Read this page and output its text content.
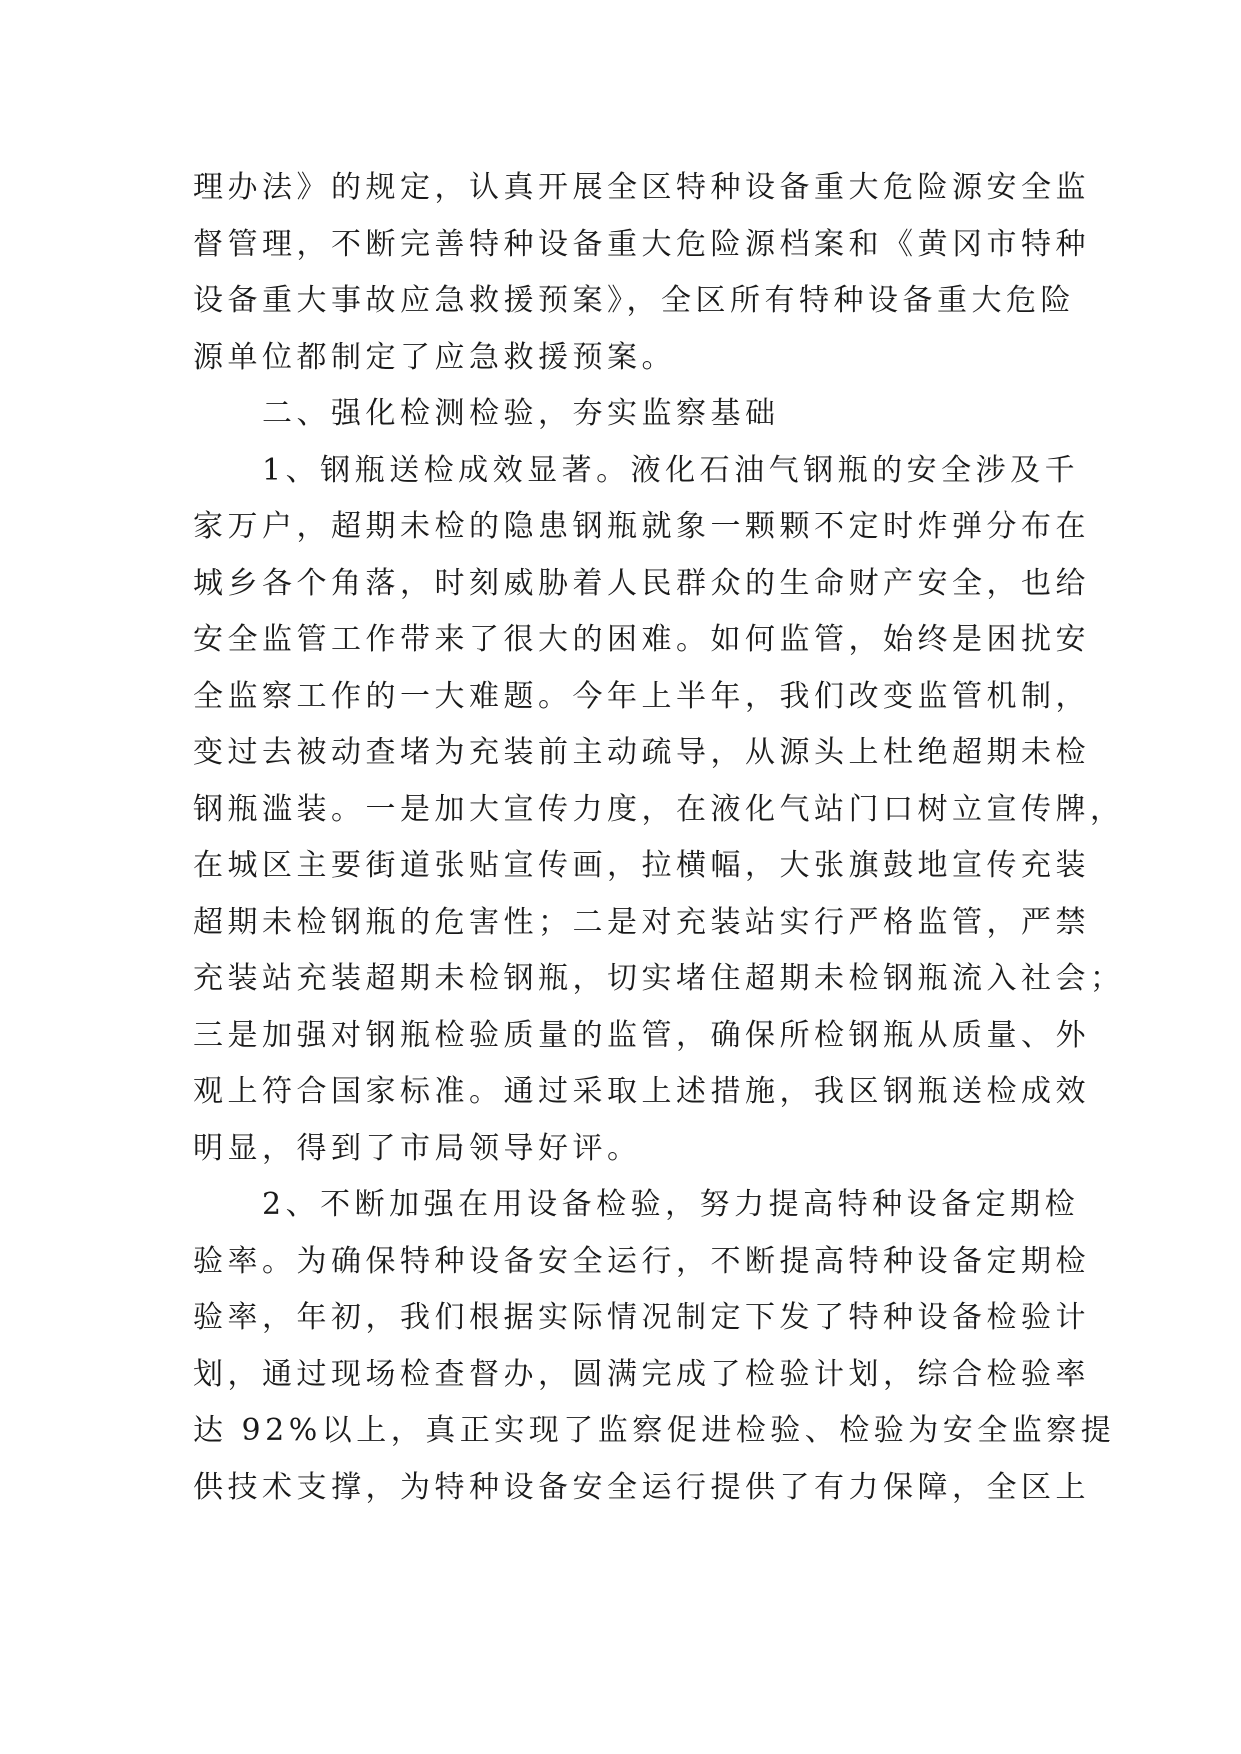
理办法》的规定，认真开展全区特种设备重大危险源安全监
督管理，不断完善特种设备重大危险源档案和《黄冈市特种
设备重大事故应急救援预案》，全区所有特种设备重大危险
源单位都制定了应急救援预案。
　　二、强化检测检验，夯实监察基础
　　1、钢瓶送检成效显著。液化石油气钢瓶的安全涉及千
家万户，超期未检的隐患钢瓶就象一颗颗不定时炸弹分布在
城乡各个角落，时刻威胁着人民群众的生命财产安全，也给
安全监管工作带来了很大的困难。如何监管，始终是困扰安
全监察工作的一大难题。今年上半年，我们改变监管机制，
变过去被动查堵为充装前主动疏导，从源头上杜绝超期未检
钢瓶滥装。一是加大宣传力度，在液化气站门口树立宣传牌，
在城区主要街道张贴宣传画，拉横幅，大张旗鼓地宣传充装
超期未检钢瓶的危害性；二是对充装站实行严格监管，严禁
充装站充装超期未检钢瓶，切实堵住超期未检钢瓶流入社会；
三是加强对钢瓶检验质量的监管，确保所检钢瓶从质量、外
观上符合国家标准。通过采取上述措施，我区钢瓶送检成效
明显，得到了市局领导好评。
　　2、不断加强在用设备检验，努力提高特种设备定期检
验率。为确保特种设备安全运行，不断提高特种设备定期检
验率，年初，我们根据实际情况制定下发了特种设备检验计
划，通过现场检查督办，圆满完成了检验计划，综合检验率
达 92%以上，真正实现了监察促进检验、检验为安全监察提
供技术支撑，为特种设备安全运行提供了有力保障，全区上
